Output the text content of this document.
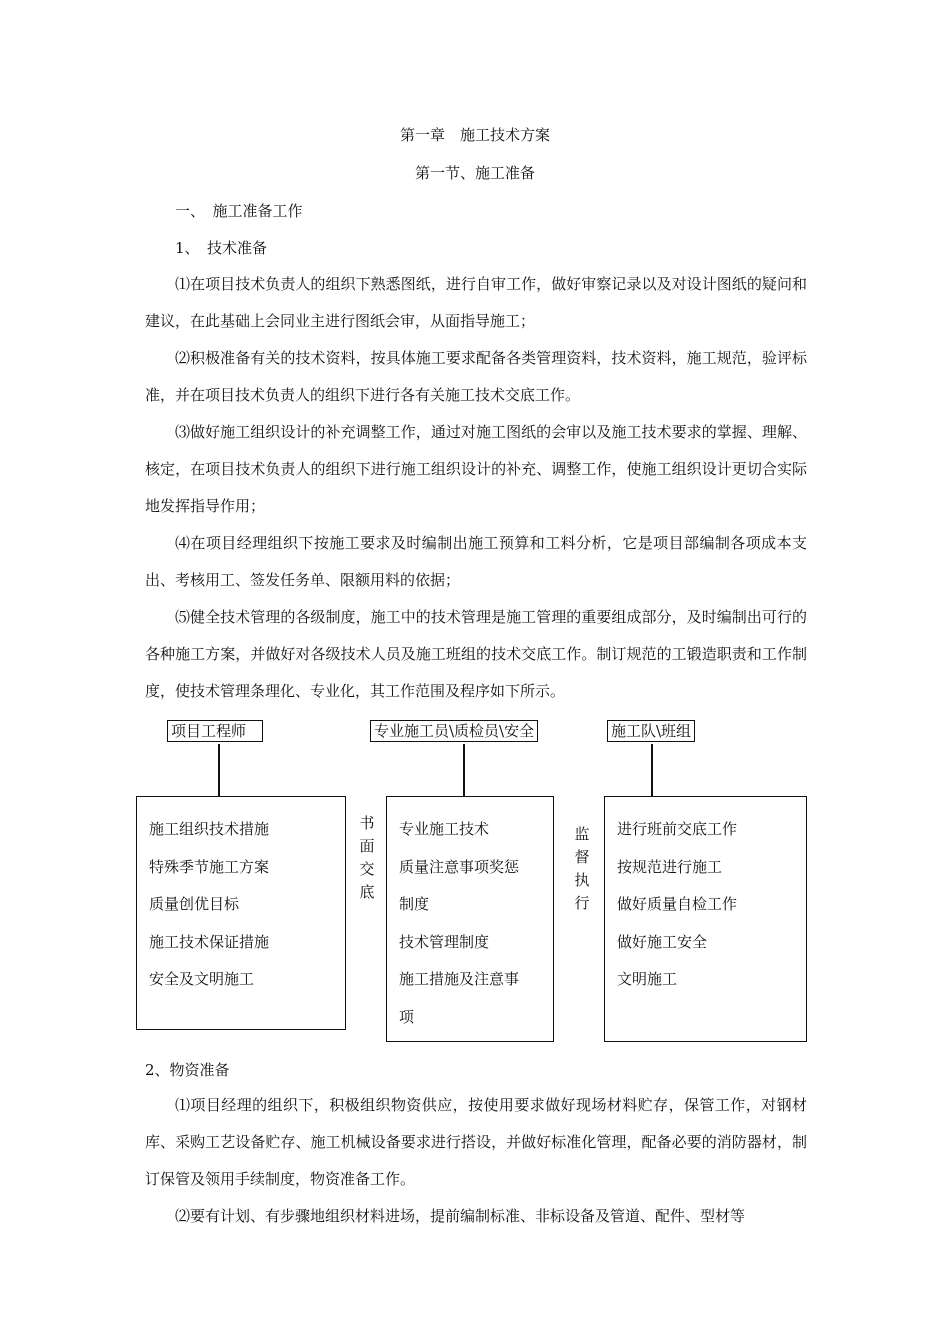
第一章　施工技术方案
第一节、施工准备
一、　施工准备工作
1、　技术准备
⑴在项目技术负责人的组织下熟悉图纸，进行自审工作，做好审察记录以及对设计图纸的疑问和建议，在此基础上会同业主进行图纸会审，从面指导施工；
⑵积极准备有关的技术资料，按具体施工要求配备各类管理资料，技术资料，施工规范，验评标准，并在项目技术负责人的组织下进行各有关施工技术交底工作。
⑶做好施工组织设计的补充调整工作，通过对施工图纸的会审以及施工技术要求的掌握、理解、核定，在项目技术负责人的组织下进行施工组织设计的补充、调整工作，使施工组织设计更切合实际地发挥指导作用；
⑷在项目经理组织下按施工要求及时编制出施工预算和工料分析，它是项目部编制各项成本支出、考核用工、签发任务单、限额用料的依据；
⑸健全技术管理的各级制度，施工中的技术管理是施工管理的重要组成部分，及时编制出可行的各种施工方案，并做好对各级技术人员及施工班组的技术交底工作。制订规范的工锻造职责和工作制度，使技术管理条理化、专业化，其工作范围及程序如下所示。
项目工程师	专业施工员\质检员\安全	施工队\班组
施工组织技术措施
特殊季节施工方案
质量创优目标
施工技术保证措施
安全及文明施工
书
面
交
底
专业施工技术
质量注意事项奖惩
制度
技术管理制度
施工措施及注意事
项
监
督
执
行
进行班前交底工作
按规范进行施工
做好质量自检工作
做好施工安全
文明施工
2、物资准备
⑴项目经理的组织下，积极组织物资供应，按使用要求做好现场材料贮存，保管工作，对钢材库、采购工艺设备贮存、施工机械设备要求进行搭设，并做好标准化管理，配备必要的消防器材，制订保管及领用手续制度，物资准备工作。
⑵要有计划、有步骤地组织材料进场，提前编制标准、非标设备及管道、配件、型材等
